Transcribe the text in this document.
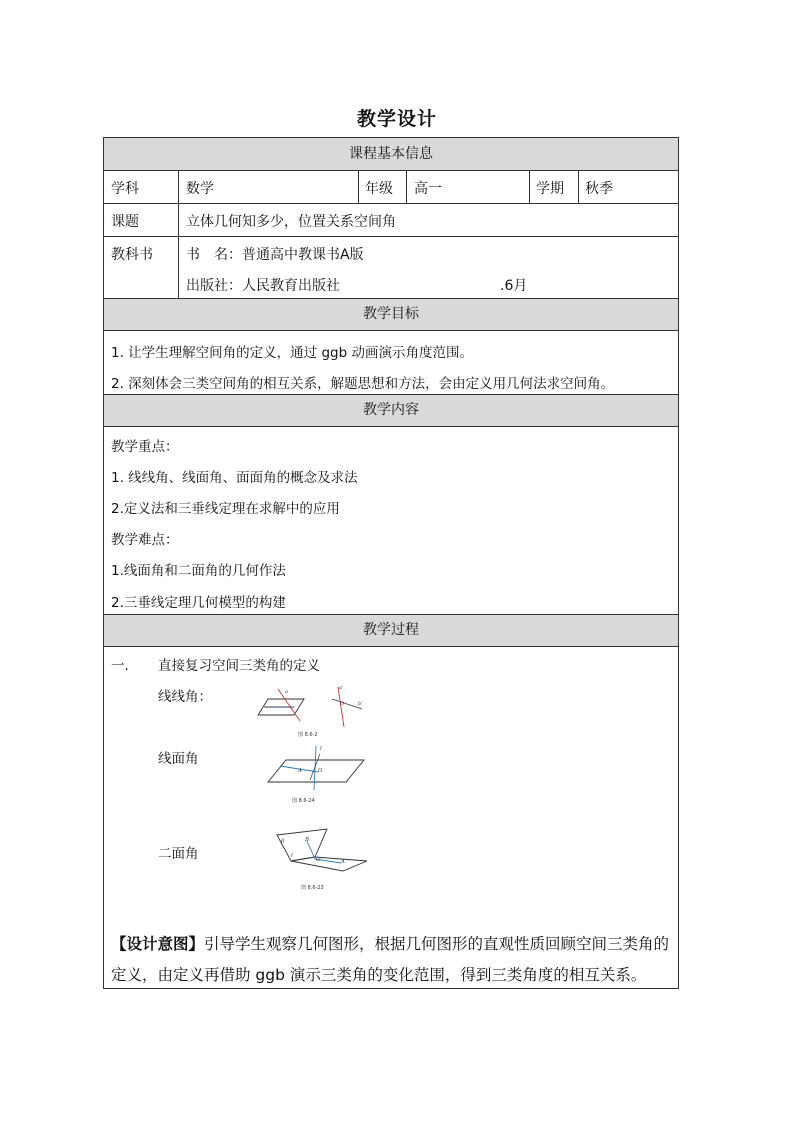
教学设计
课程基本信息
学科	数学	年级 高一	学期 秋季
课题	立体几何知多少，位置关系空间角
教科书 书　名：普通高中教课书A版
出版社：人民教育出版社	.6月
教学目标
1. 让学生理解空间角的定义，通过 ggb 动画演示角度范围。
2. 深刻体会三类空间角的相互关系，解题思想和方法，会由定义用几何法求空间角。
教学内容
教学重点：
1. 线线角、线面角、面面角的概念及求法
2.定义法和三垂线定理在求解中的应用
教学难点：
1.线面角和二面角的几何作法
2.三垂线定理几何模型的构建
教学过程
一. 直接复习空间三类角的定义
线线角：
线面角
二面角
a
a'
b'
O
图 8.6-2
A	O
l
图 8.6-24
β	B
l
O	A
图 8.6-23
【设计意图】引导学生观察几何图形，根据几何图形的直观性质回顾空间三类角的定义，由定义再借助 ggb 演示三类角的变化范围，得到三类角度的相互关系。
